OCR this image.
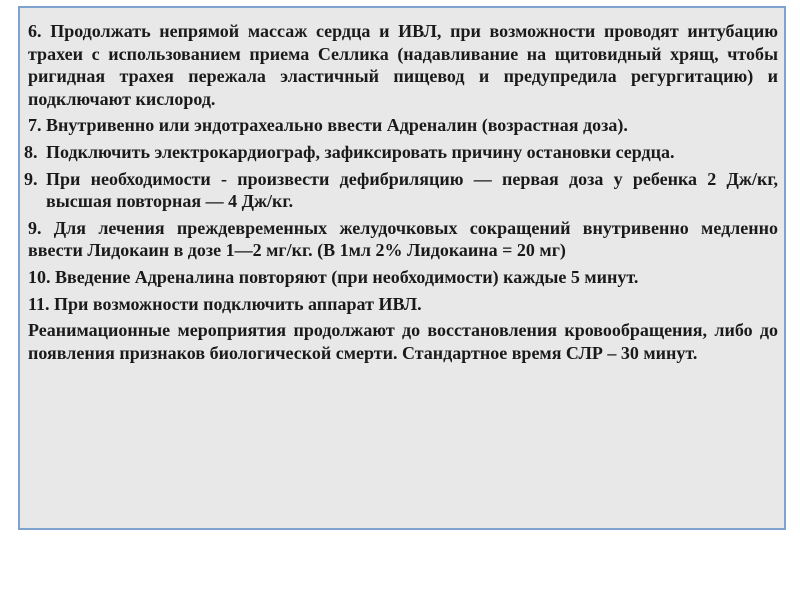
6. Продолжать непрямой массаж сердца и ИВЛ, при возможности проводят интубацию трахеи с использованием приема Селлика (надавливание на щитовидный хрящ, чтобы ригидная трахея пережала эластичный пищевод и предупредила регургитацию) и подключают кислород.

7. Внутривенно или эндотрахеально ввести Адреналин (возрастная доза).

8. Подключить электрокардиограф, зафиксировать причину остановки сердца.
9. При необходимости - произвести дефибриляцию — первая доза у ребенка 2 Дж/кг, высшая повторная — 4 Дж/кг.

9. Для лечения преждевременных желудочковых сокращений внутривенно медленно ввести Лидокаин в дозе 1—2 мг/кг. (В 1мл 2% Лидокаина = 20 мг)

10. Введение Адреналина повторяют (при необходимости) каждые 5 минут.

11. При возможности подключить аппарат ИВЛ.

Реанимационные мероприятия продолжают до восстановления кровообращения, либо до появления признаков биологической смерти. Стандартное время СЛР – 30 минут.
